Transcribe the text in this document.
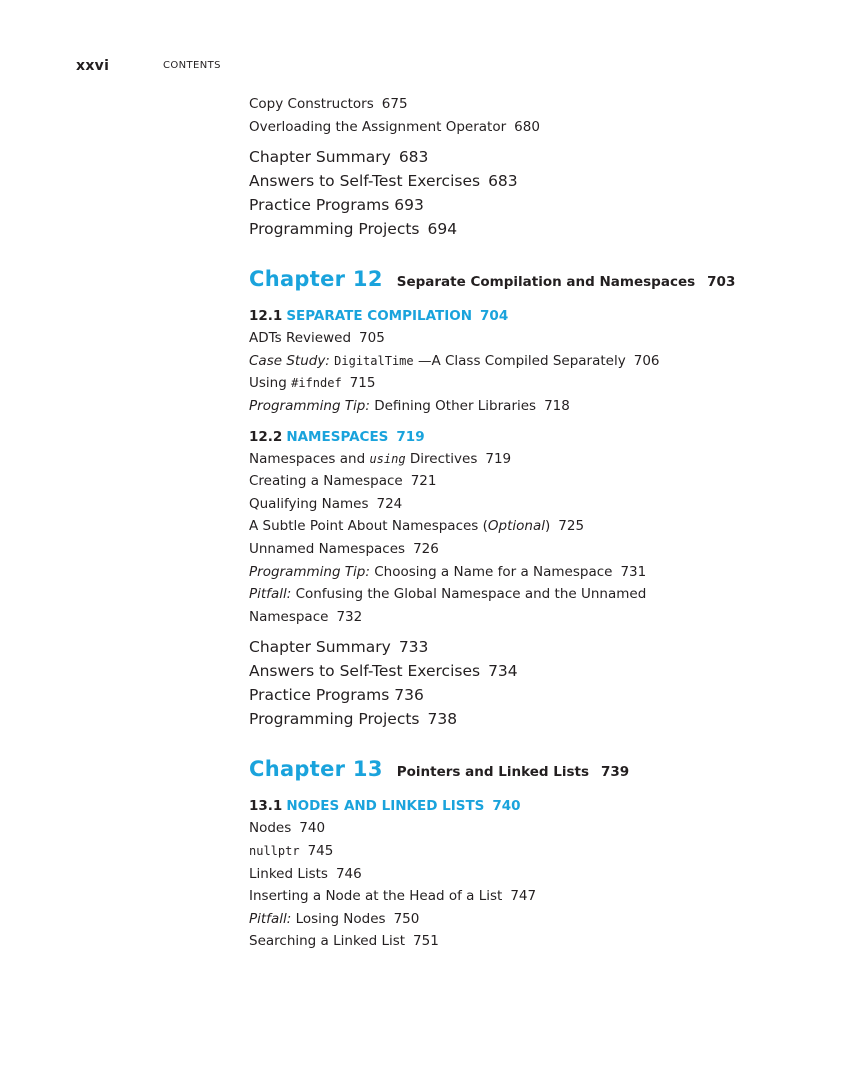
xxvi	CONTENTS
Copy Constructors 675
Overloading the Assignment Operator 680
Chapter Summary 683
Answers to Self-Test Exercises 683
Practice Programs 693
Programming Projects 694
Chapter 12 Separate Compilation and Namespaces 703
12.1 SEPARATE COMPILATION 704
ADTs Reviewed 705
Case Study: DigitalTime —A Class Compiled Separately 706
Using #ifndef 715
Programming Tip: Defining Other Libraries 718
12.2 NAMESPACES 719
Namespaces and using Directives 719
Creating a Namespace 721
Qualifying Names 724
A Subtle Point About Namespaces (Optional) 725
Unnamed Namespaces 726
Programming Tip: Choosing a Name for a Namespace 731
Pitfall: Confusing the Global Namespace and the Unnamed
Namespace 732
Chapter Summary 733
Answers to Self-Test Exercises 734
Practice Programs 736
Programming Projects 738
Chapter 13 Pointers and Linked Lists 739
13.1 NODES AND LINKED LISTS 740
Nodes 740
nullptr 745
Linked Lists 746
Inserting a Node at the Head of a List 747
Pitfall: Losing Nodes 750
Searching a Linked List 751
